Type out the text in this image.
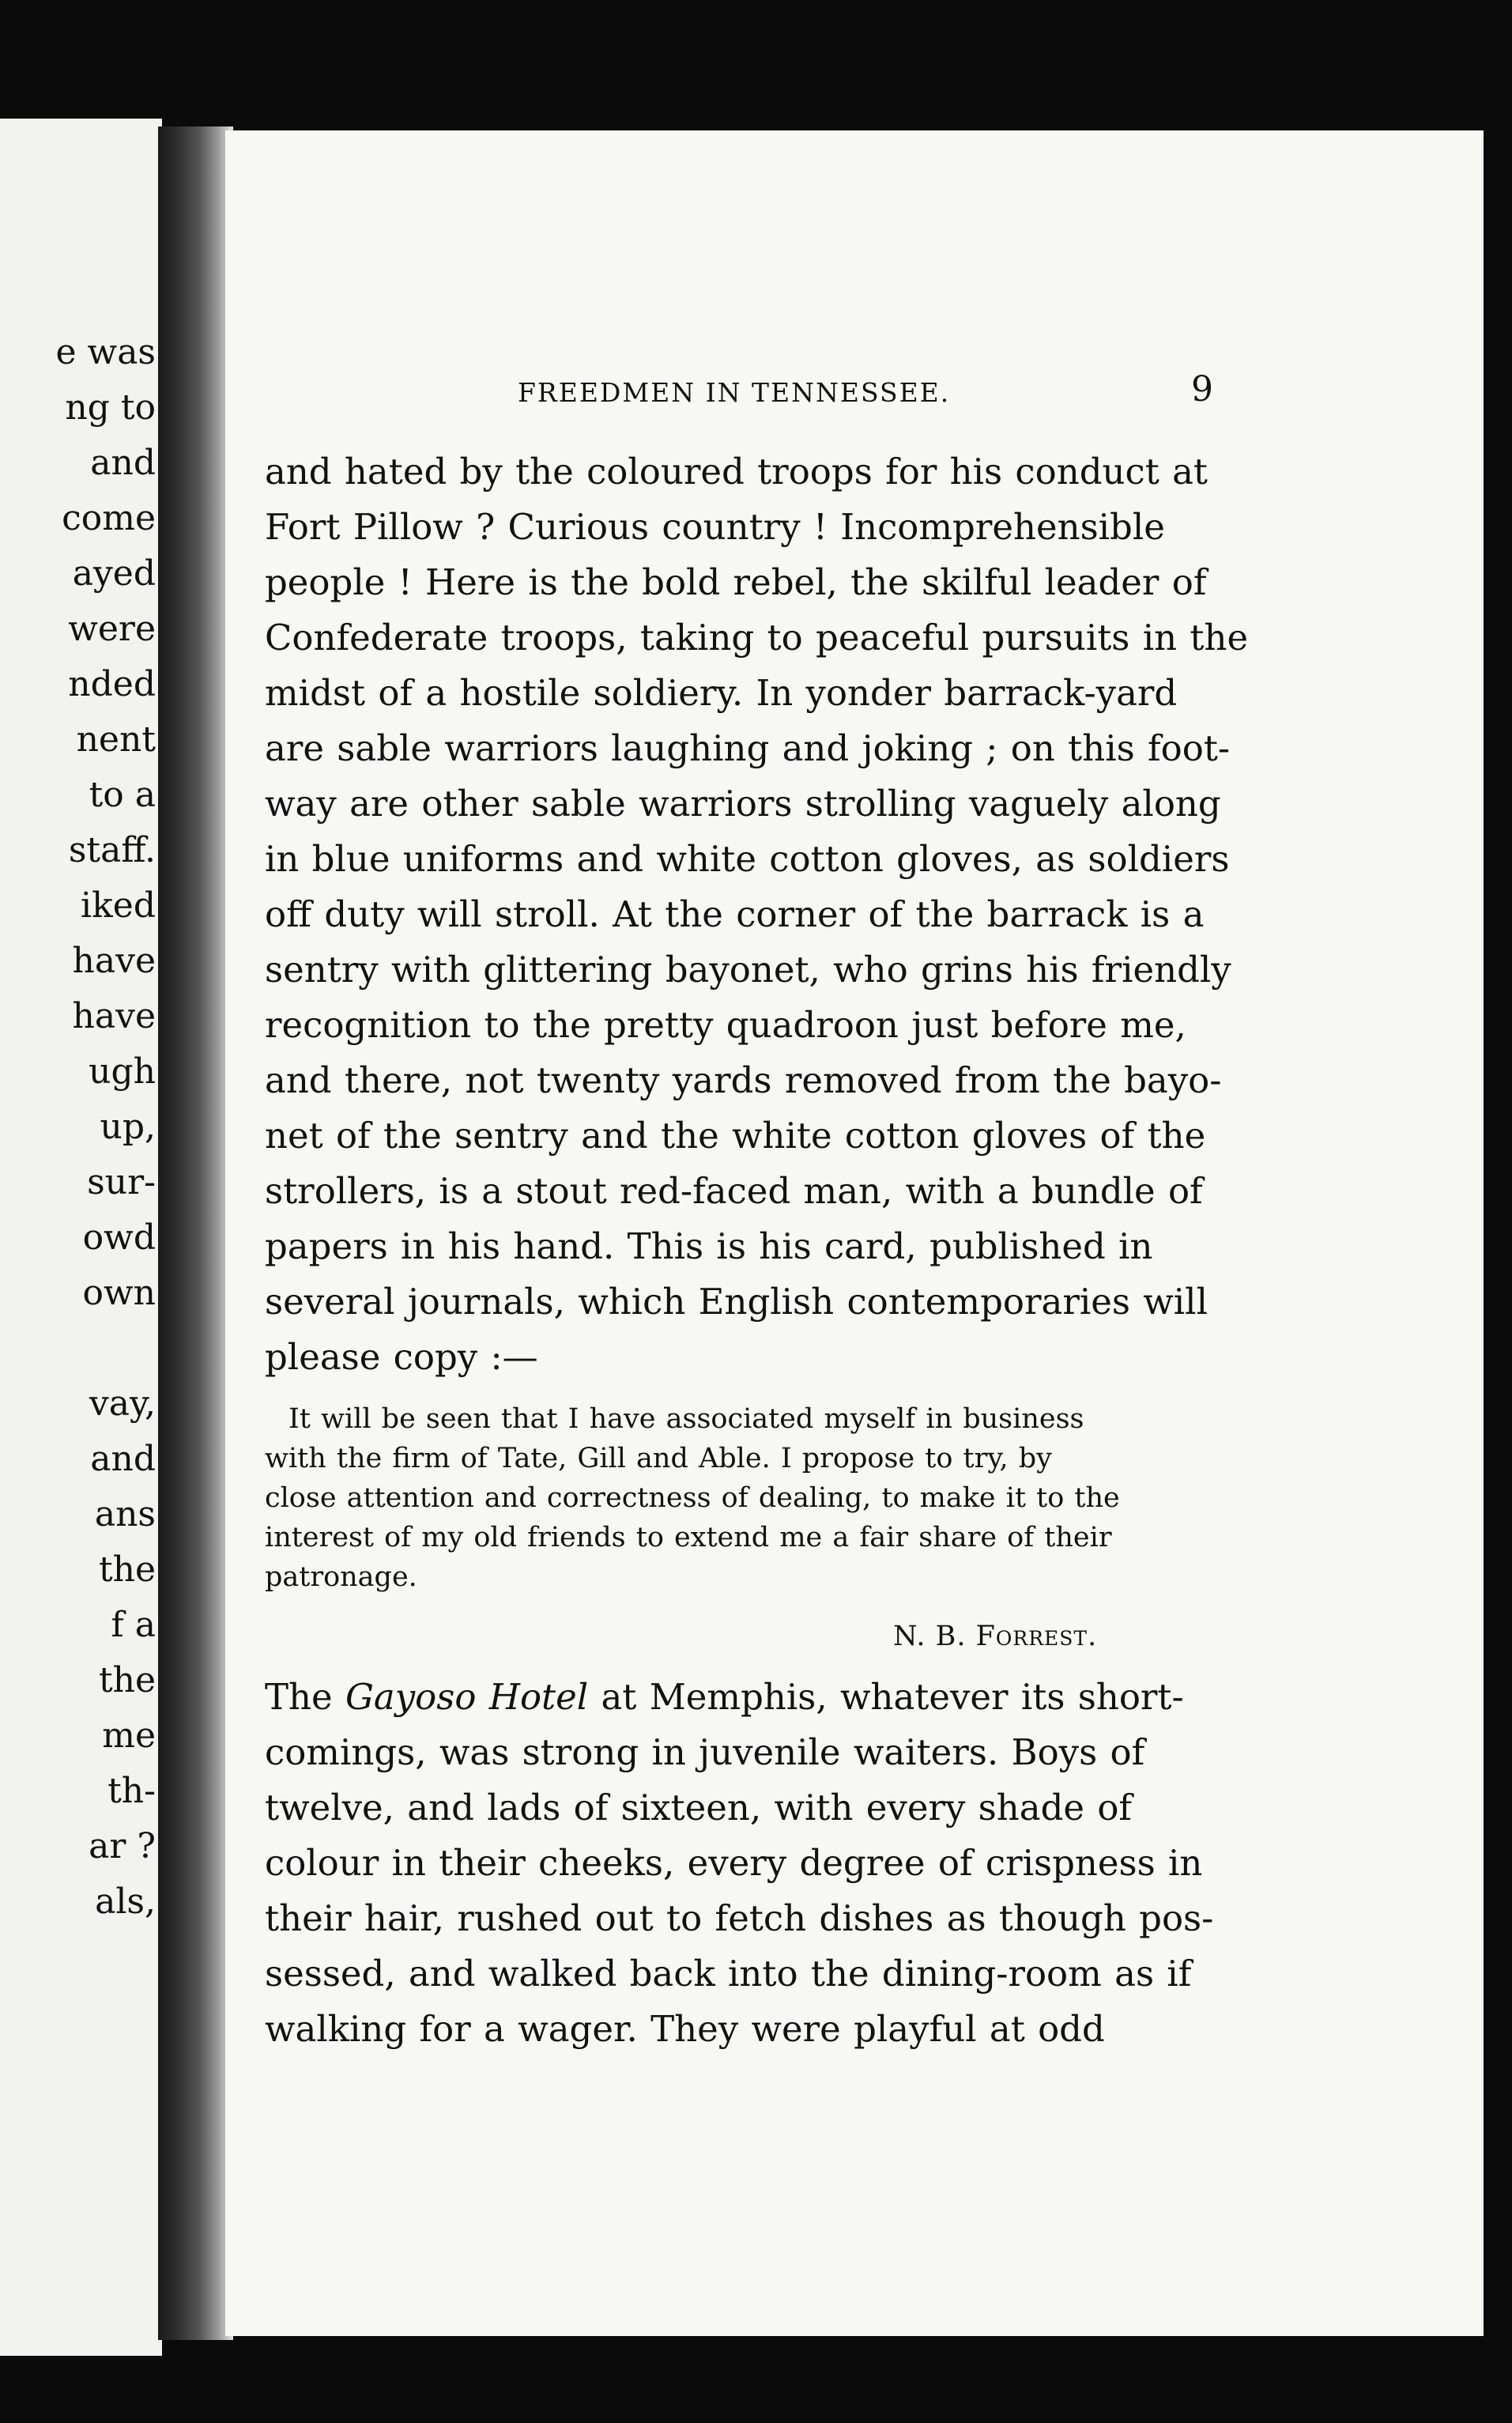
e was
ng to
and
come
ayed
were
nded
nent
to a
staff.
iked
have
have
ugh
up,
sur-
owd
own
vay,
and
ans
the
f a
the
me
th-
ar ?
als,
FREEDMEN IN TENNESSEE.	9
and hated by the coloured troops for his conduct at
Fort Pillow ? Curious country ! Incomprehensible
people ! Here is the bold rebel, the skilful leader of
Confederate troops, taking to peaceful pursuits in the
midst of a hostile soldiery. In yonder barrack-yard
are sable warriors laughing and joking ; on this foot-
way are other sable warriors strolling vaguely along
in blue uniforms and white cotton gloves, as soldiers
off duty will stroll. At the corner of the barrack is a
sentry with glittering bayonet, who grins his friendly
recognition to the pretty quadroon just before me,
and there, not twenty yards removed from the bayo-
net of the sentry and the white cotton gloves of the
strollers, is a stout red-faced man, with a bundle of
papers in his hand. This is his card, published in
several journals, which English contemporaries will
please copy :—
It will be seen that I have associated myself in business
with the firm of Tate, Gill and Able. I propose to try, by
close attention and correctness of dealing, to make it to the
interest of my old friends to extend me a fair share of their
patronage.
N. B. Forrest.
The Gayoso Hotel at Memphis, whatever its short-
comings, was strong in juvenile waiters. Boys of
twelve, and lads of sixteen, with every shade of
colour in their cheeks, every degree of crispness in
their hair, rushed out to fetch dishes as though pos-
sessed, and walked back into the dining-room as if
walking for a wager. They were playful at odd
